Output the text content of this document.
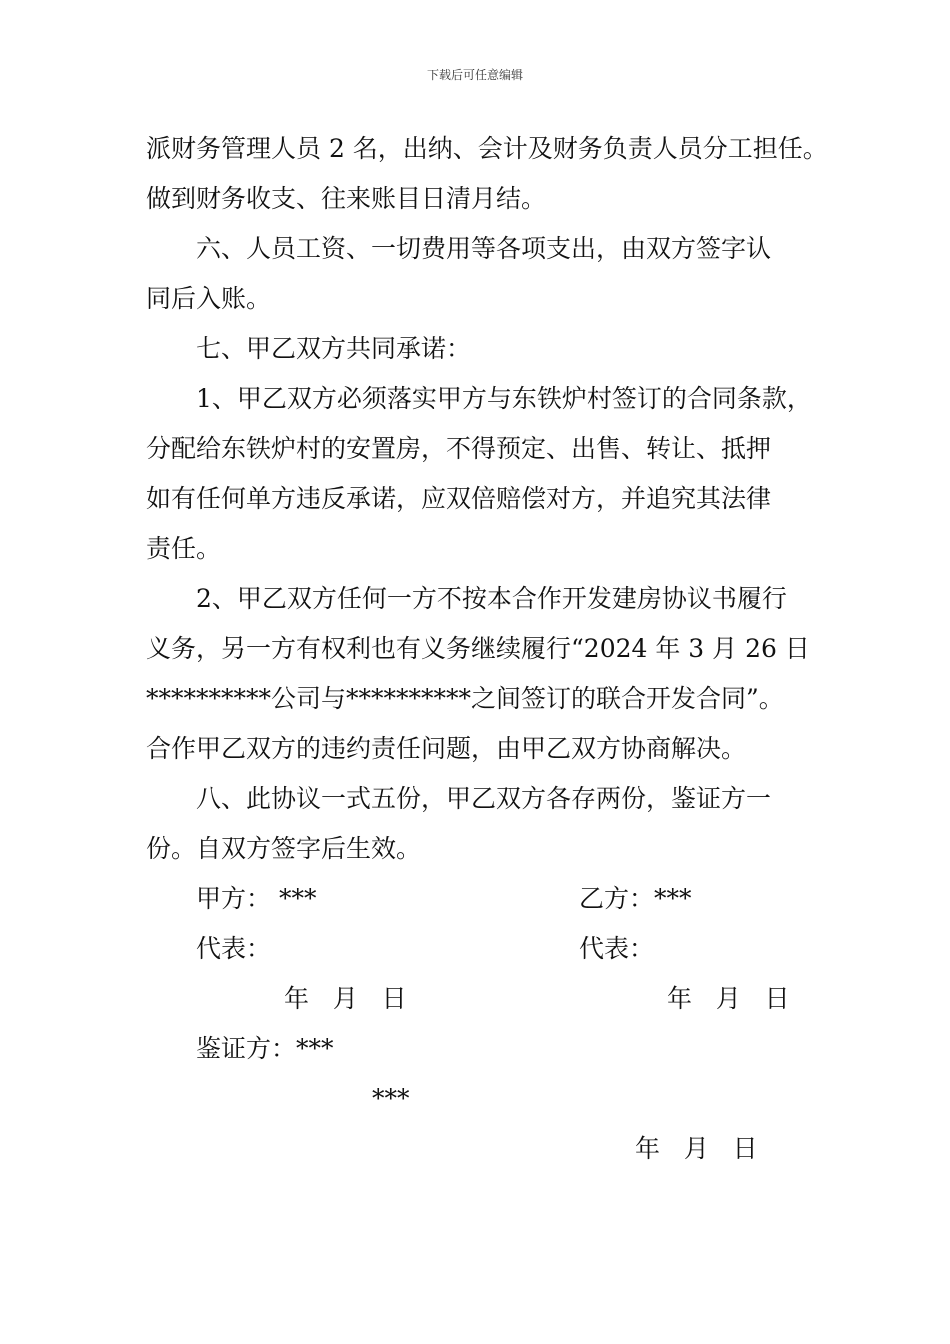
下载后可任意编辑
派财务管理人员 2 名，出纳、会计及财务负责人员分工担任。
做到财务收支、往来账目日清月结。
六、人员工资、一切费用等各项支出，由双方签字认
同后入账。
七、甲乙双方共同承诺：
1、甲乙双方必须落实甲方与东铁炉村签订的合同条款，
分配给东铁炉村的安置房，不得预定、出售、转让、抵押
如有任何单方违反承诺，应双倍赔偿对方，并追究其法律
责任。
2、甲乙双方任何一方不按本合作开发建房协议书履行
义务，另一方有权利也有义务继续履行“2024 年 3 月 26 日
**********公司与**********之间签订的联合开发合同”。
合作甲乙双方的违约责任问题，由甲乙双方协商解决。
八、此协议一式五份，甲乙双方各存两份，鉴证方一
份。自双方签字后生效。
甲方： ***	乙方：***
代表：	代表：
年   月   日	年   月   日
鉴证方：***
***
年   月   日
